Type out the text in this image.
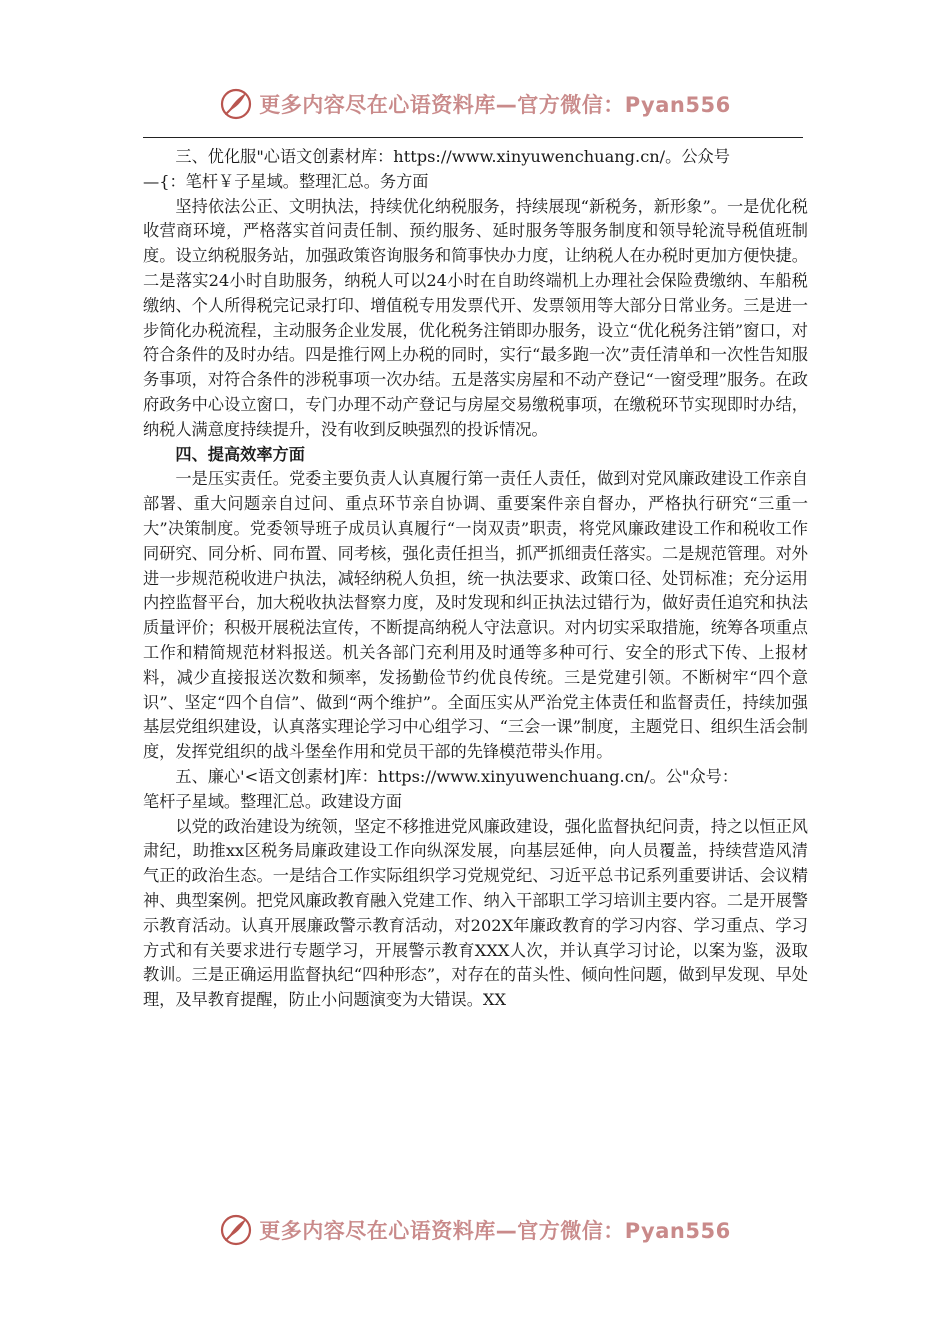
更多内容尽在心语资料库—官方微信：Pyan556

三、优化服"心语文创素材库：https://www.xinyuwenchuang.cn/。公众号

—{：笔杆￥子星域。整理汇总。务方面

坚持依法公正、文明执法，持续优化纳税服务，持续展现“新税务，新形象”。一是优化税收营商环境，严格落实首问责任制、预约服务、延时服务等服务制度和领导轮流导税值班制度。设立纳税服务站，加强政策咨询服务和简事快办力度，让纳税人在办税时更加方便快捷。二是落实24小时自助服务，纳税人可以24小时在自助终端机上办理社会保险费缴纳、车船税缴纳、个人所得税完记录打印、增值税专用发票代开、发票领用等大部分日常业务。三是进一步简化办税流程，主动服务企业发展，优化税务注销即办服务，设立“优化税务注销”窗口，对符合条件的及时办结。四是推行网上办税的同时，实行“最多跑一次”责任清单和一次性告知服务事项，对符合条件的涉税事项一次办结。五是落实房屋和不动产登记“一窗受理”服务。在政府政务中心设立窗口，专门办理不动产登记与房屋交易缴税事项，在缴税环节实现即时办结，纳税人满意度持续提升，没有收到反映强烈的投诉情况。

四、提高效率方面

一是压实责任。党委主要负责人认真履行第一责任人责任，做到对党风廉政建设工作亲自部署、重大问题亲自过问、重点环节亲自协调、重要案件亲自督办，严格执行研究“三重一大”决策制度。党委领导班子成员认真履行“一岗双责”职责，将党风廉政建设工作和税收工作同研究、同分析、同布置、同考核，强化责任担当，抓严抓细责任落实。二是规范管理。对外进一步规范税收进户执法，减轻纳税人负担，统一执法要求、政策口径、处罚标准；充分运用内控监督平台，加大税收执法督察力度，及时发现和纠正执法过错行为，做好责任追究和执法质量评价；积极开展税法宣传，不断提高纳税人守法意识。对内切实采取措施，统筹各项重点工作和精简规范材料报送。机关各部门充利用及时通等多种可行、安全的形式下传、上报材料，减少直接报送次数和频率，发扬勤俭节约优良传统。三是党建引领。不断树牢“四个意识”、坚定“四个自信”、做到“两个维护”。全面压实从严治党主体责任和监督责任，持续加强基层党组织建设，认真落实理论学习中心组学习、“三会一课”制度，主题党日、组织生活会制度，发挥党组织的战斗堡垒作用和党员干部的先锋模范带头作用。

五、廉心'<语文创素材]库：https://www.xinyuwenchuang.cn/。公"众号：

笔杆子星域。整理汇总。政建设方面

以党的政治建设为统领，坚定不移推进党风廉政建设，强化监督执纪问责，持之以恒正风肃纪，助推xx区税务局廉政建设工作向纵深发展，向基层延伸，向人员覆盖，持续营造风清气正的政治生态。一是结合工作实际组织学习党规党纪、习近平总书记系列重要讲话、会议精神、典型案例。把党风廉政教育融入党建工作、纳入干部职工学习培训主要内容。二是开展警示教育活动。认真开展廉政警示教育活动，对202X年廉政教育的学习内容、学习重点、学习方式和有关要求进行专题学习，开展警示教育XXX人次，并认真学习讨论，以案为鉴，汲取教训。三是正确运用监督执纪“四种形态”，对存在的苗头性、倾向性问题，做到早发现、早处理，及早教育提醒，防止小问题演变为大错误。XX

更多内容尽在心语资料库—官方微信：Pyan556
